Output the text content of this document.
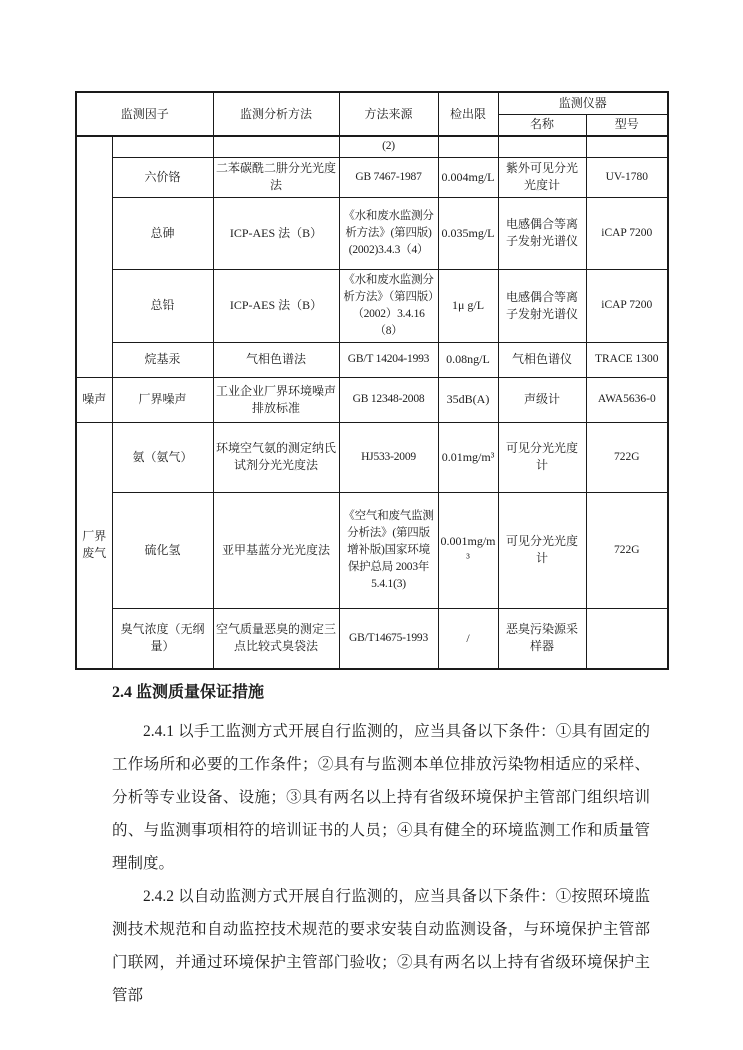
监测因子		监测分析方法	方法来源	检出限	监测仪器	
					名称	型号
			(2)			
	六价铬	二苯碳酰二肼分光光度法	GB 7467-1987	0.004mg/L	紫外可见分光光度计	UV-1780
	总砷	ICP-AES 法（B）	《水和废水监测分析方法》(第四版)(2002)3.4.3（4）	0.035mg/L	电感偶合等离子发射光谱仪	iCAP 7200
	总铅	ICP-AES 法（B）	《水和废水监测分析方法》（第四版）（2002）3.4.16（8）	1μ g/L	电感偶合等离子发射光谱仪	iCAP 7200
	烷基汞	气相色谱法	GB/T 14204-1993	0.08ng/L	气相色谱仪	TRACE 1300
噪声	厂界噪声	工业企业厂界环境噪声排放标准	GB 12348-2008	35dB(A)	声级计	AWA5636-0
厂界废气	氨（氨气）	环境空气氨的测定纳氏试剂分光光度法	HJ533-2009	0.01mg/m³	可见分光光度计	722G
	硫化氢	亚甲基蓝分光光度法	《空气和废气监测分析法》(第四版增补版)国家环境保护总局 2003年5.4.1(3)	0.001mg/m³	可见分光光度计	722G
	臭气浓度（无纲量）	空气质量恶臭的测定三点比较式臭袋法	GB/T14675-1993	/	恶臭污染源采样器	
2.4 监测质量保证措施

2.4.1 以手工监测方式开展自行监测的，应当具备以下条件：①具有固定的工作场所和必要的工作条件；②具有与监测本单位排放污染物相适应的采样、分析等专业设备、设施；③具有两名以上持有省级环境保护主管部门组织培训的、与监测事项相符的培训证书的人员；④具有健全的环境监测工作和质量管理制度。

2.4.2 以自动监测方式开展自行监测的，应当具备以下条件：①按照环境监测技术规范和自动监控技术规范的要求安装自动监测设备，与环境保护主管部门联网，并通过环境保护主管部门验收；②具有两名以上持有省级环境保护主管部
